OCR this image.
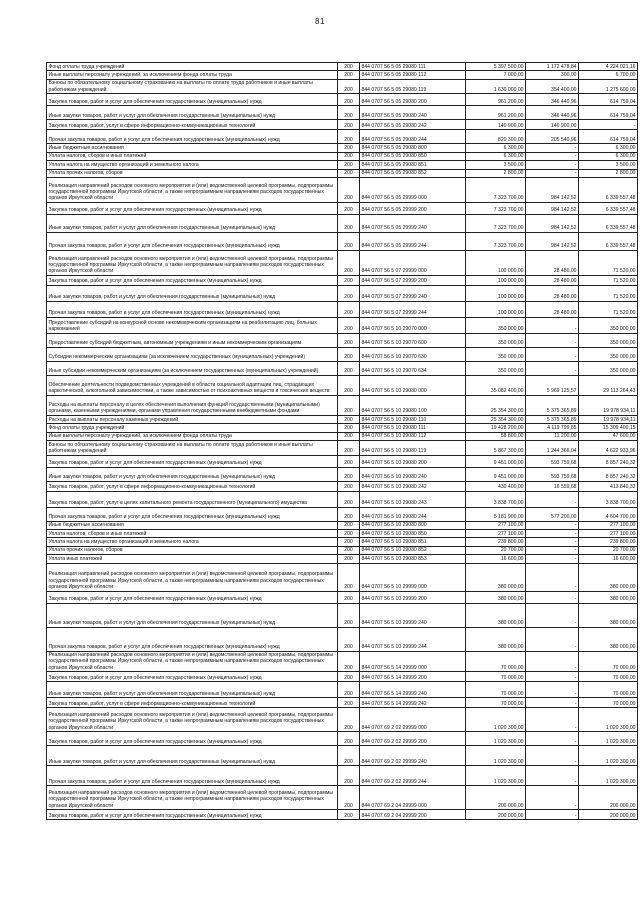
81
Фонд оплаты труда учреждений	200	844 0707 56 5 05 29080 111	5 397 500,00	1 172 478,84	4 224 021,16
Иные выплаты персоналу учреждений, за исключением фонда оплаты труда	200	844 0707 56 5 05 29080 112	7 000,00	300,00	6 700,00
Взносы по обязательному социальному страхованию на выплаты по оплате труда работников и иные выплаты работникам учреждений	200	844 0707 56 5 05 29080 119	1 630 000,00	354 400,00	1 275 600,00
Закупка товаров, работ и услуг для обеспечения государственных (муниципальных) нужд	200	844 0707 56 5 05 29080 200	961 200,00	346 440,96	614 759,04
Иные закупки товаров, работ и услуг для обеспечения государственных (муниципальных) нужд	200	844 0707 56 5 05 29080 240	961 200,00	346 440,96	614 759,04
Закупка товаров, работ, услуг в сфере информационно-коммуникационных технологий	200	844 0707 56 5 05 29080 242	140 900,00	140 900,00	-
Прочая закупка товаров, работ и услуг для обеспечения государственных (муниципальных) нужд	200	844 0707 56 5 05 29080 244	820 300,00	205 540,96	614 759,04
Иные бюджетные ассигнования	200	844 0707 56 5 05 29080 800	6 300,00	-	6 300,00
Уплата налогов, сборов и иных платежей	200	844 0707 56 5 05 29080 850	6 300,00	-	6 300,00
Уплата налога на имущество организаций и земельного налога	200	844 0707 56 5 05 29080 851	3 500,00	-	3 500,00
Уплата прочих налогов, сборов	200	844 0707 56 5 05 29080 852	2 800,00	-	2 800,00
Реализация направлений расходов основного мероприятия и (или) ведомственной целевой программы, подпрограммы государственной программы Иркутской области, а также непрограммным направлениям расходов государственных органов Иркутской области	200	844 0707 56 5 05 29999 000	7 323 700,00	984 142,52	6 339 557,48
Закупка товаров, работ и услуг для обеспечения государственных (муниципальных) нужд	200	844 0707 56 5 05 29999 200	7 323 700,00	984 142,52	6 339 557,48
Иные закупки товаров, работ и услуг для обеспечения государственных (муниципальных) нужд	200	844 0707 56 5 05 29999 240	7 323 700,00	984 142,52	6 339 557,48
Прочая закупка товаров, работ и услуг для обеспечения государственных (муниципальных) нужд	200	844 0707 56 5 05 29999 244	7 323 700,00	984 142,52	6 339 557,48
Реализация направлений расходов основного мероприятия и (или) ведомственной целевой программы, подпрограммы государственной программы Иркутской области, а также непрограммным направлениям расходов государственных органов Иркутской области	200	844 0707 56 5 07 29999 000	100 000,00	28 480,00	71 520,00
Закупка товаров, работ и услуг для обеспечения государственных (муниципальных) нужд	200	844 0707 56 5 07 29999 200	100 000,00	28 480,00	71 520,00
Иные закупки товаров, работ и услуг для обеспечения государственных (муниципальных) нужд	200	844 0707 56 5 07 29999 240	100 000,00	28 480,00	71 520,00
Прочая закупка товаров, работ и услуг для обеспечения государственных (муниципальных) нужд	200	844 0707 56 5 07 29999 244	100 000,00	28 480,00	71 520,00
Предоставление субсидий на конкурсной основе некоммерческим организациям на реабилитацию лиц, больных наркоманией	200	844 0707 56 5 10 29070 000	350 000,00	-	350 000,00
Предоставление субсидий бюджетным, автономным учреждениям и иным некоммерческим организациям	200	844 0707 56 5 10 29070 600	350 000,00	-	350 000,00
Субсидии некоммерческим организациям (за исключением государственных (муниципальных) учреждений)	200	844 0707 56 5 10 29070 630	350 000,00	-	350 000,00
Иные субсидии некоммерческим организациям (за исключением государственных (муниципальных) учреждений)	200	844 0707 56 5 10 29070 634	350 000,00	-	350 000,00
Обеспечение деятельности подведомственных учреждений в области социальной адаптации лиц, страдающих наркотической, алкогольной зависимостями, а также зависимостью от психоактивных веществ и токсических веществ	200	844 0707 56 5 10 29080 000	35 082 400,00	5 969 125,57	29 113 264,43
Расходы на выплаты персоналу в целях обеспечения выполнения функций государственными (муниципальными) органами, казенными учреждениями, органами управления государственными внебюджетными фондами	200	844 0707 56 5 10 29080 100	25 354 300,00	5 375 365,89	19 978 934,11
Расходы на выплаты персоналу казенных учреждений	200	844 0707 56 5 10 29080 110	25 354 300,00	5 375 365,89	19 978 934,11
Фонд оплаты труда учреждений	200	844 0707 56 5 10 29080 111	19 428 200,00	4 119 799,85	15 309 400,15
Иные выплаты персоналу учреждений, за исключением фонда оплаты труда	200	844 0707 56 5 10 29080 112	58 800,00	11 200,00	47 600,00
Взносы по обязательному социальному страхованию на выплаты по оплате труда работников и иные выплаты работникам учреждений	200	844 0707 56 5 10 29080 119	5 867 300,00	1 244 366,04	4 622 933,96
Закупка товаров, работ и услуг для обеспечения государственных (муниципальных) нужд	200	844 0707 56 5 10 29080 200	9 451 000,00	593 759,68	8 857 240,32
Иные закупки товаров, работ и услуг для обеспечения государственных (муниципальных) нужд	200	844 0707 56 5 10 29080 240	9 451 000,00	593 759,68	8 857 240,32
Закупка товаров, работ, услуг в сфере информационно-коммуникационных технологий	200	844 0707 56 5 10 29080 242	430 400,00	16 559,68	413 840,32
Закупка товаров, работ, услуг в целях капитального ремонта государственного (муниципального) имущества	200	844 0707 56 5 10 29080 243	3 838 700,00	-	3 838 700,00
Прочая закупка товаров, работ и услуг для обеспечения государственных (муниципальных) нужд	200	844 0707 56 5 10 29080 244	5 181 900,00	577 200,00	4 604 700,00
Иные бюджетные ассигнования	200	844 0707 56 5 10 29080 800	277 100,00	-	277 100,00
Уплата налогов, сборов и иных платежей	200	844 0707 56 5 10 29080 850	277 100,00	-	277 100,00
Уплата налога на имущество организаций и земельного налога	200	844 0707 56 5 10 29080 851	239 800,00	-	239 800,00
Уплата прочих налогов, сборов	200	844 0707 56 5 10 29080 852	20 700,00	-	20 700,00
Уплата иных платежей	200	844 0707 56 5 10 29080 853	16 600,00	-	16 600,00
Реализация направлений расходов основного мероприятия и (или) ведомственной целевой программы, подпрограммы государственной программы Иркутской области, а также непрограммным направлениям расходов государственных органов Иркутской области	200	844 0707 56 5 10 29999 000	380 000,00	-	380 000,00
Закупка товаров, работ и услуг для обеспечения государственных (муниципальных) нужд	200	844 0707 56 5 10 29999 200	380 000,00	-	380 000,00
Иные закупки товаров, работ и услуг для обеспечения государственных (муниципальных) нужд	200	844 0707 56 5 10 29999 240	380 000,00	-	380 000,00
Прочая закупка товаров, работ и услуг для обеспечения государственных (муниципальных) нужд	200	844 0707 56 5 10 29999 244	380 000,00	-	380 000,00
Реализация направлений расходов основного мероприятия и (или) ведомственной целевой программы, подпрограммы государственной программы Иркутской области, а также непрограммным направлениям расходов государственных органов Иркутской области	200	844 0707 56 5 14 29999 000	70 000,00	-	70 000,00
Закупка товаров, работ и услуг для обеспечения государственных (муниципальных) нужд	200	844 0707 56 5 14 29999 200	70 000,00	-	70 000,00
Иные закупки товаров, работ и услуг для обеспечения государственных (муниципальных) нужд	200	844 0707 56 5 14 29999 240	70 000,00	-	70 000,00
Закупка товаров, работ, услуг в сфере информационно-коммуникационных технологий	200	844 0707 56 5 14 29999 242	70 000,00	-	70 000,00
Реализация направлений расходов основного мероприятия и (или) ведомственной целевой программы, подпрограммы государственной программы Иркутской области, а также непрограммным направлениям расходов государственных органов Иркутской области	200	844 0707 69 2 02 29999 000	1 020 300,00	-	1 020 300,00
Закупка товаров, работ и услуг для обеспечения государственных (муниципальных) нужд	200	844 0707 69 2 02 29999 200	1 020 300,00	-	1 020 300,00
Иные закупки товаров, работ и услуг для обеспечения государственных (муниципальных) нужд	200	844 0707 69 2 02 29999 240	1 020 300,00	-	1 020 300,00
Прочая закупка товаров, работ и услуг для обеспечения государственных (муниципальных) нужд	200	844 0707 69 2 02 29999 244	1 020 300,00	-	1 020 300,00
Реализация направлений расходов основного мероприятия и (или) ведомственной целевой программы, подпрограммы государственной программы Иркутской области, а также непрограммным направлениям расходов государственных органов Иркутской области	200	844 0707 69 2 04 29999 000	200 000,00	-	200 000,00
Закупка товаров, работ и услуг для обеспечения государственных (муниципальных) нужд	200	844 0707 69 2 04 29999 200	200 000,00	-	200 000,00
